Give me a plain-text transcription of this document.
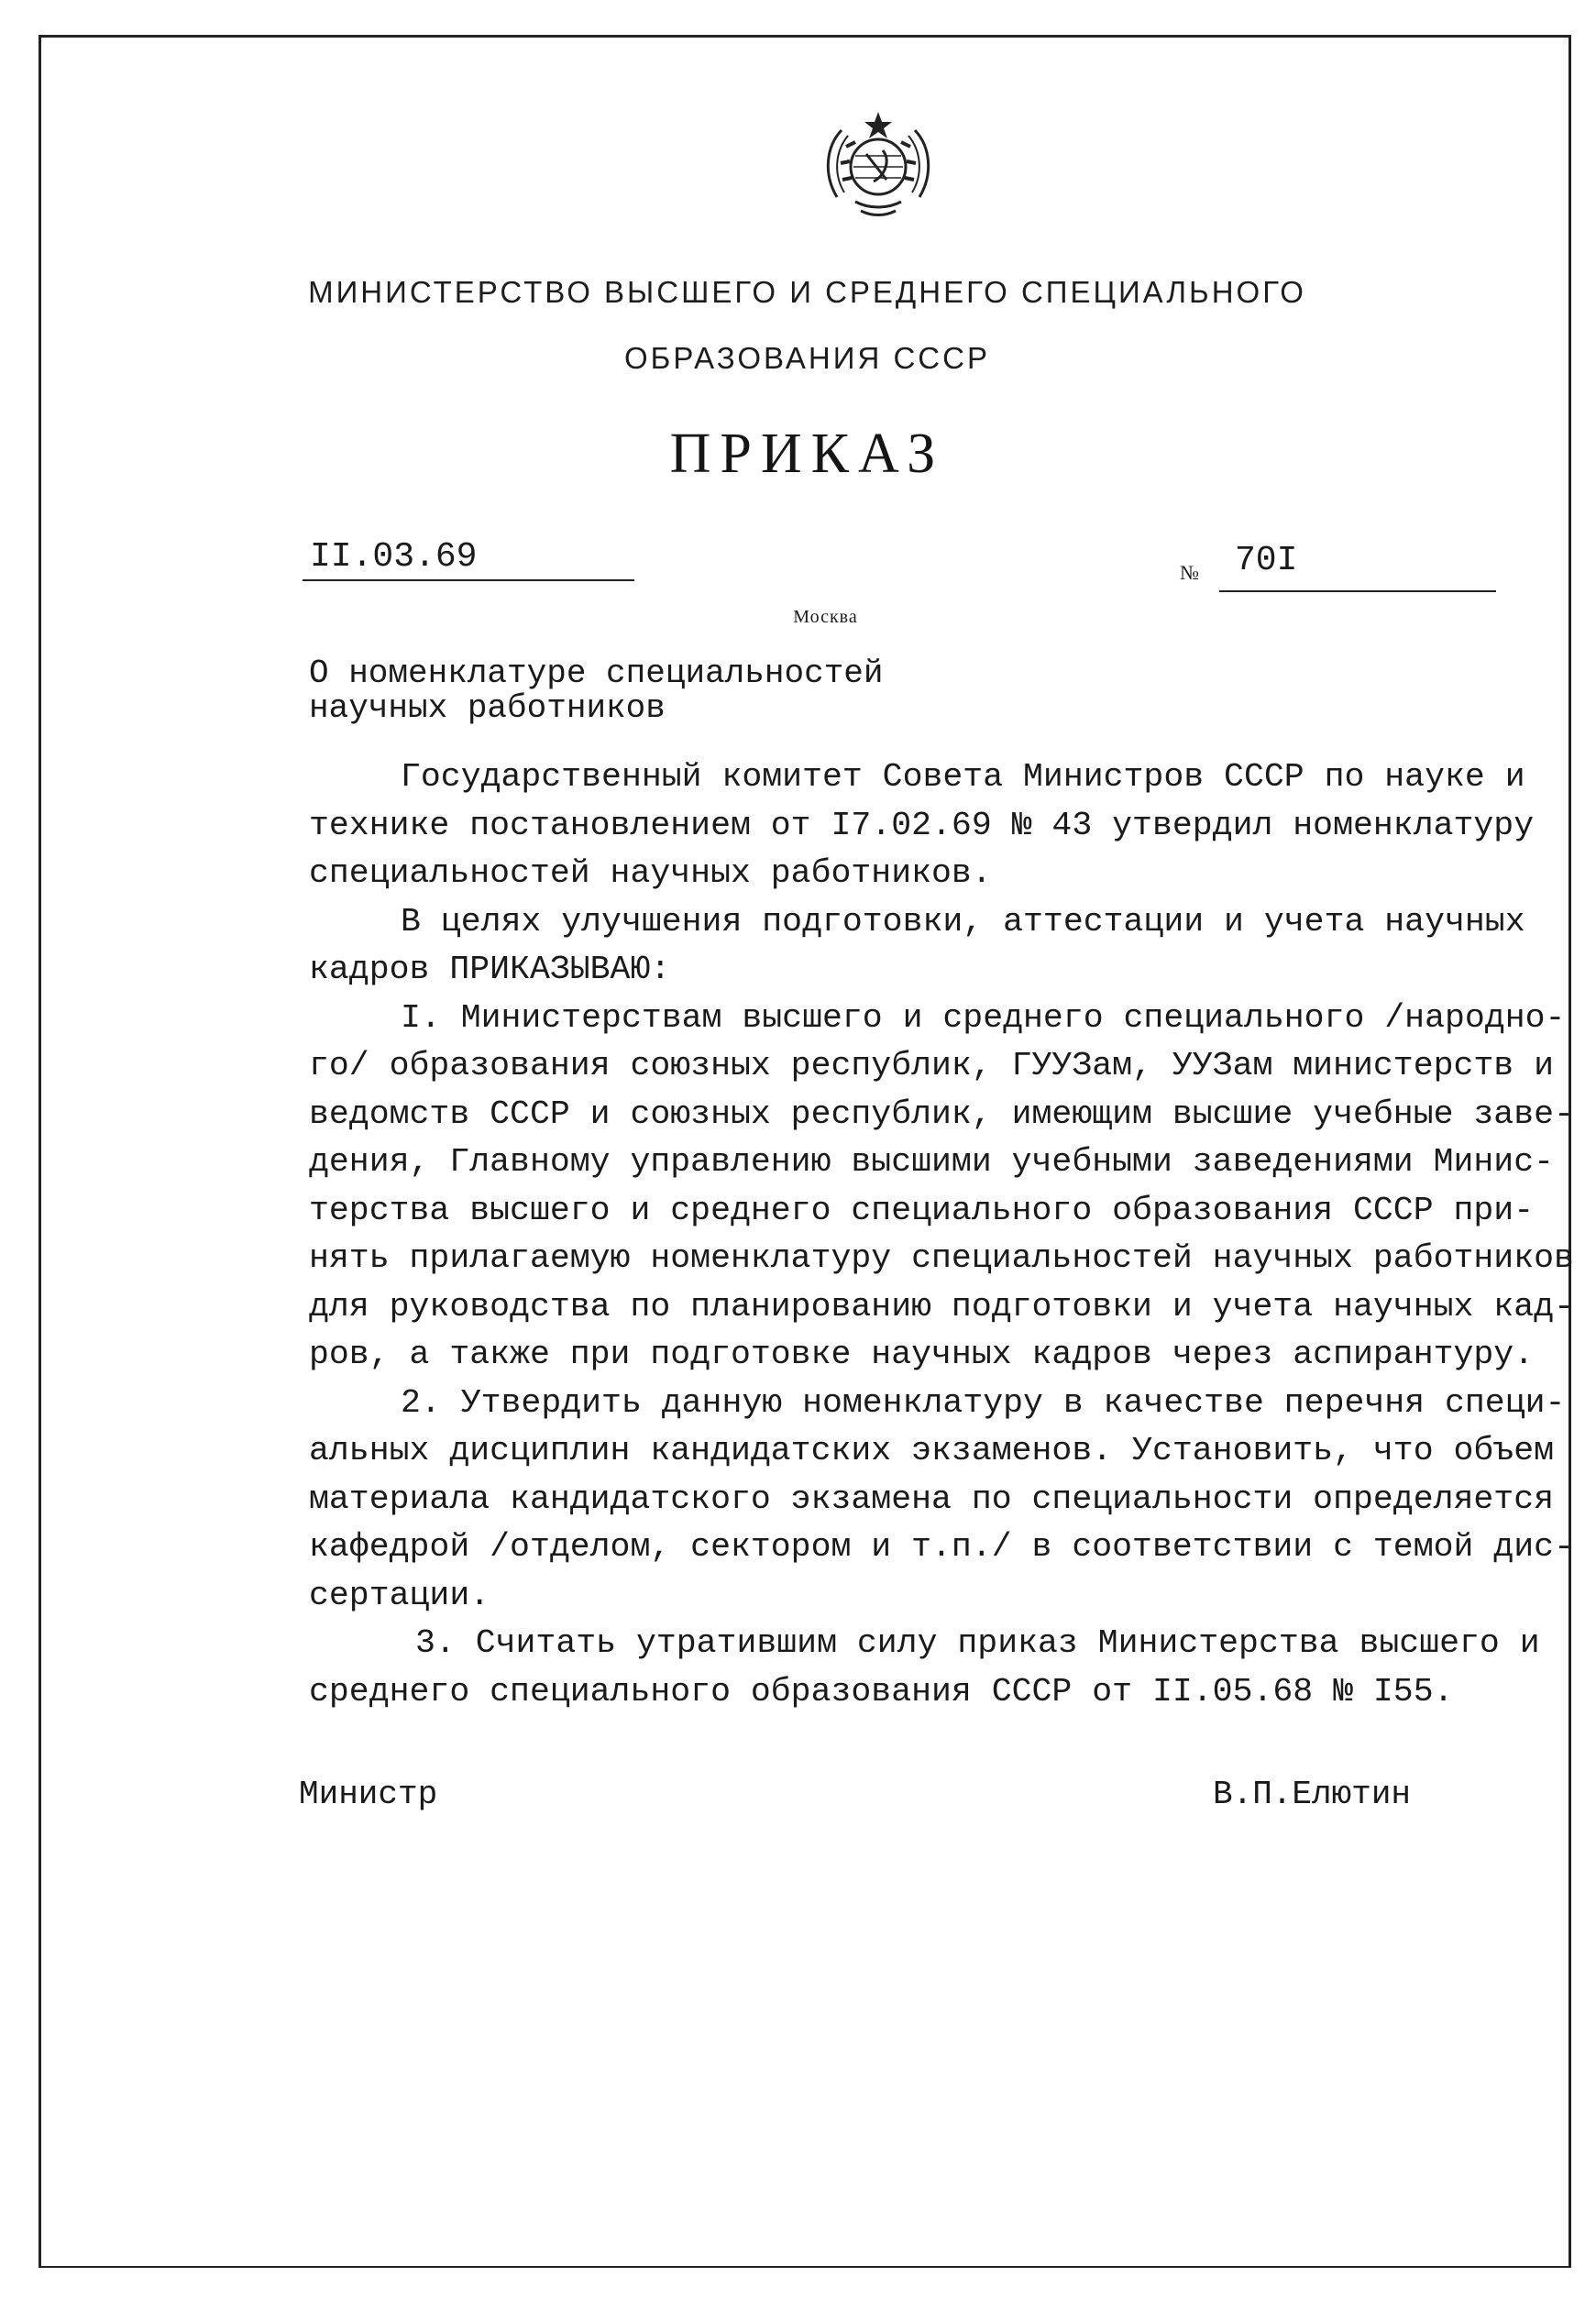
МИНИСТЕРСТВО ВЫСШЕГО И СРЕДНЕГО СПЕЦИАЛЬНОГО
ОБРАЗОВАНИЯ СССР
ПРИКАЗ
II.03.69	№ 70I
Москва
О номенклатуре специальностей
научных работников
Государственный комитет Совета Министров СССР по науке и
технике постановлением от I7.02.69 № 43 утвердил номенклатуру
специальностей научных работников.
В целях улучшения подготовки, аттестации и учета научных
кадров ПРИКАЗЫВАЮ:
I. Министерствам высшего и среднего специального /народно-
го/ образования союзных республик, ГУУЗам, УУЗам министерств и
ведомств СССР и союзных республик, имеющим высшие учебные заве-
дения, Главному управлению высшими учебными заведениями Минис-
терства высшего и среднего специального образования СССР при-
нять прилагаемую номенклатуру специальностей научных работников
для руководства по планированию подготовки и учета научных кад-
ров, а также при подготовке научных кадров через аспирантуру.
2. Утвердить данную номенклатуру в качестве перечня специ-
альных дисциплин кандидатских экзаменов. Установить, что объем
материала кандидатского экзамена по специальности определяется
кафедрой /отделом, сектором и т.п./ в соответствии с темой дис-
сертации.
3. Считать утратившим силу приказ Министерства высшего и
среднего специального образования СССР от II.05.68 № I55.
Министр	В.П.Елютин
